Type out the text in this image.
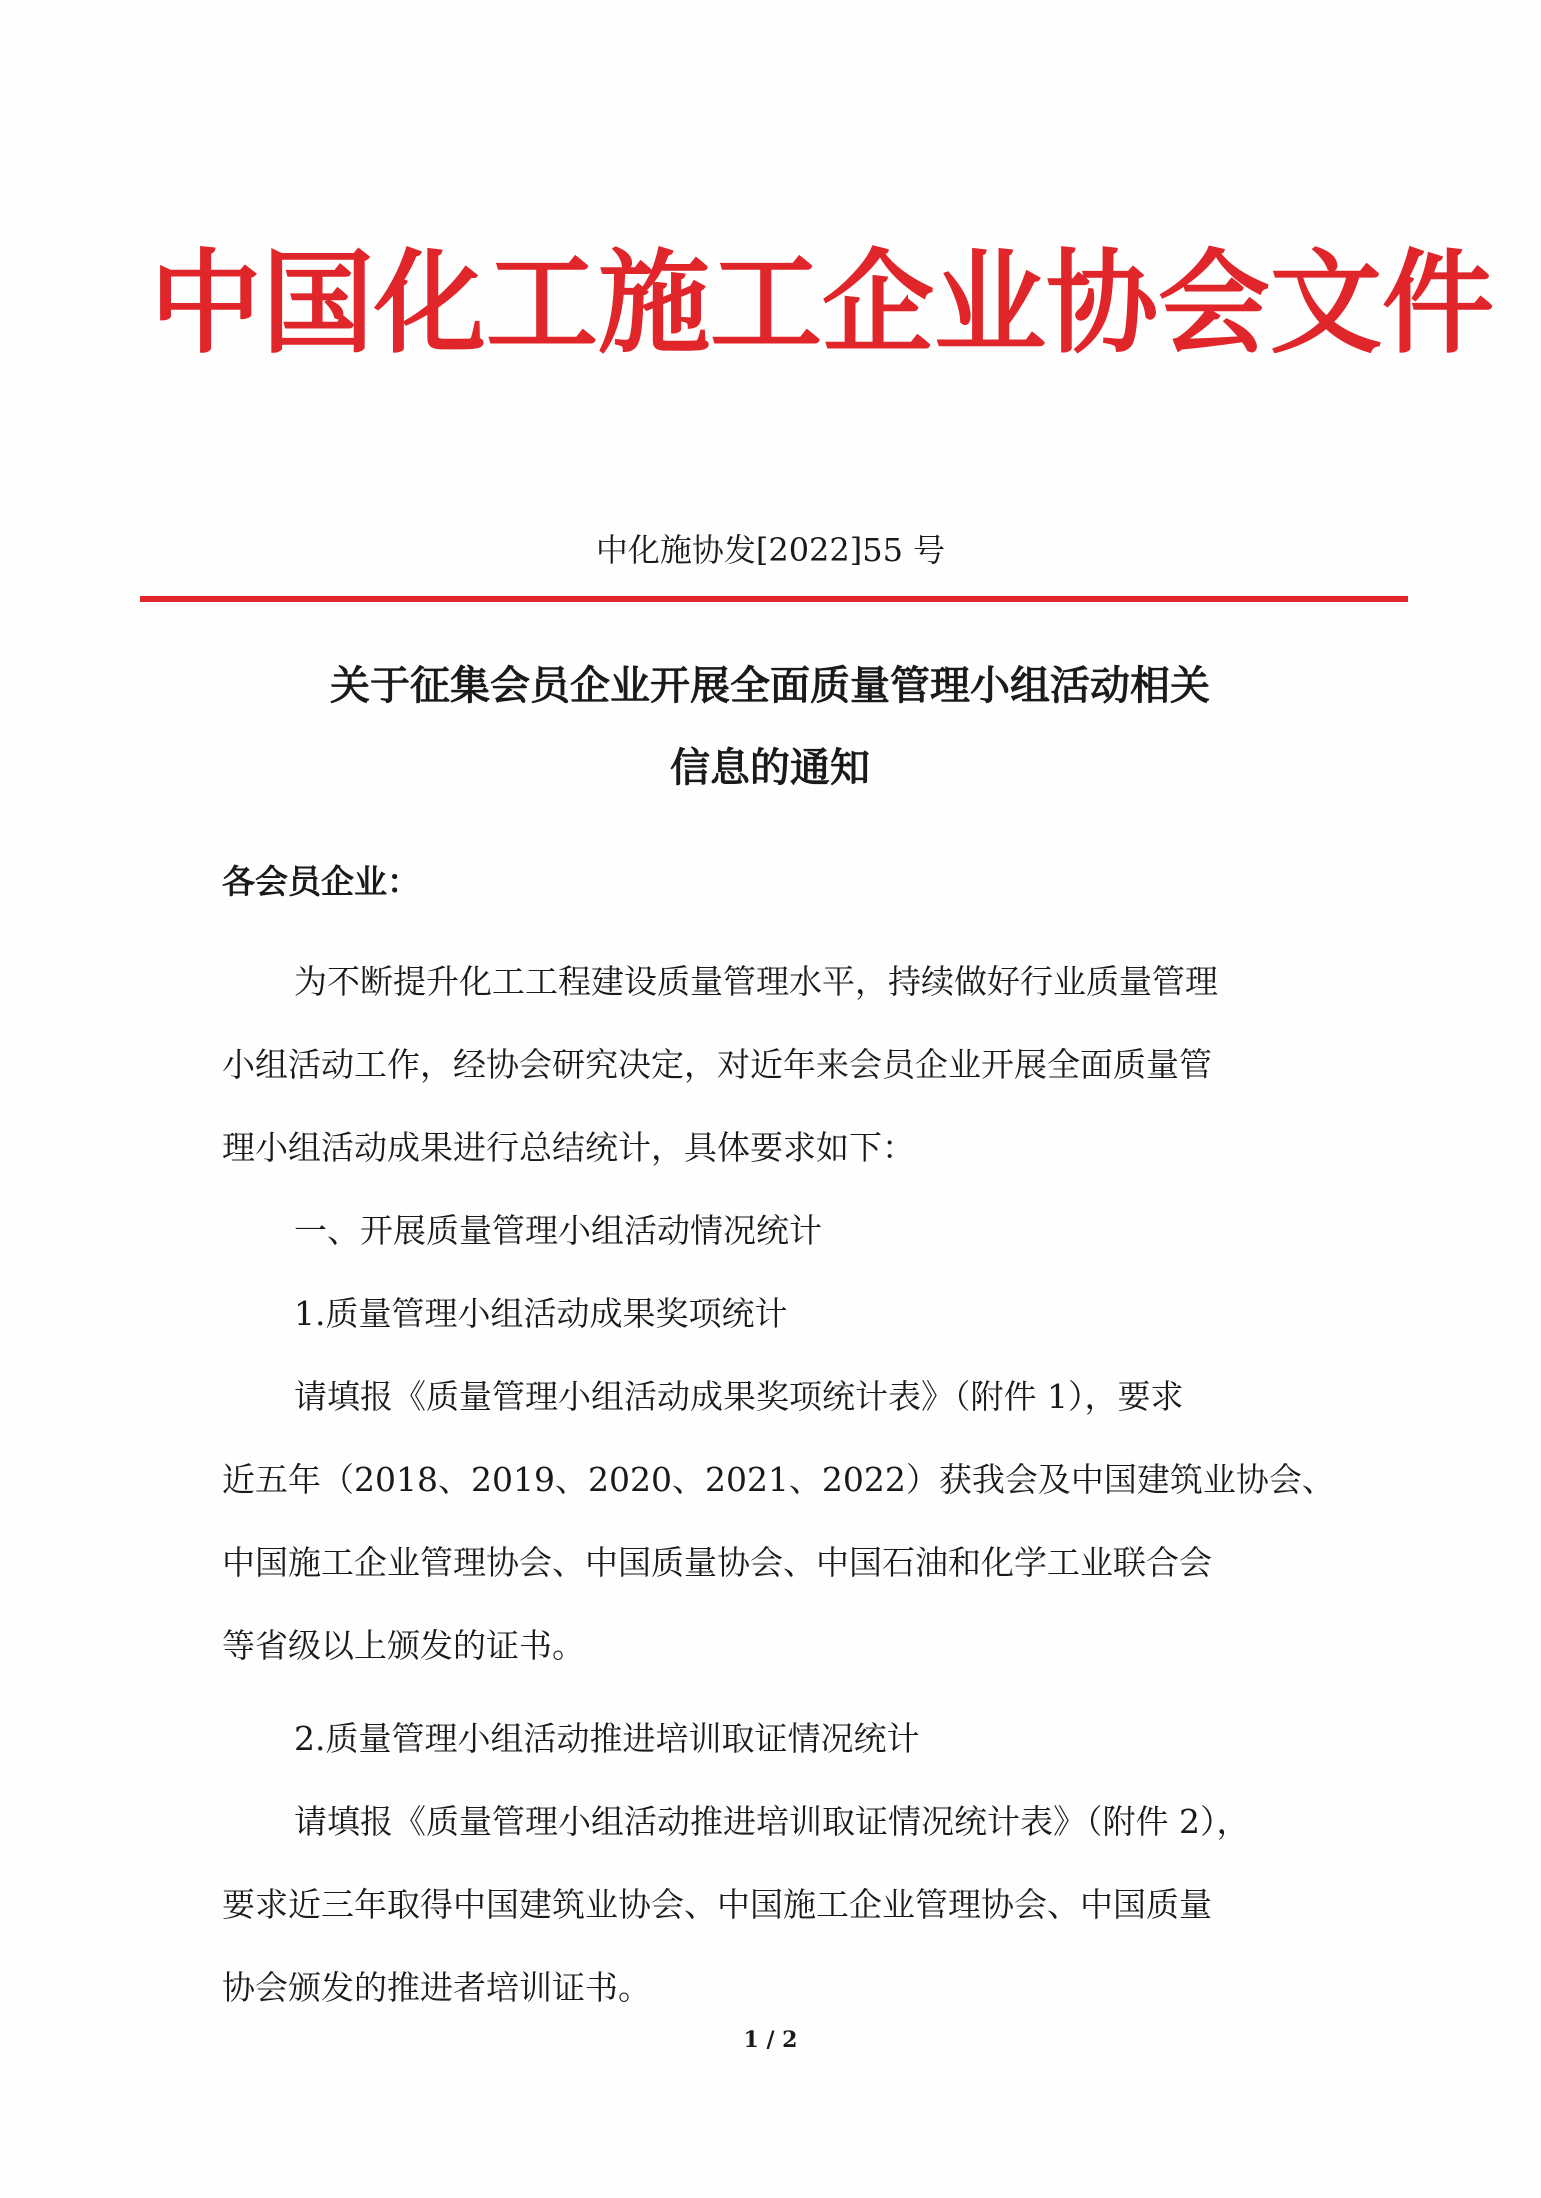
中国化工施工企业协会文件
中化施协发[2022]55 号
关于征集会员企业开展全面质量管理小组活动相关
信息的通知
各会员企业：
为不断提升化工工程建设质量管理水平，持续做好行业质量管理
小组活动工作，经协会研究决定，对近年来会员企业开展全面质量管
理小组活动成果进行总结统计，具体要求如下：
一、开展质量管理小组活动情况统计
1.质量管理小组活动成果奖项统计
请填报《质量管理小组活动成果奖项统计表》（附件 1），要求
近五年（2018、2019、2020、2021、2022）获我会及中国建筑业协会、
中国施工企业管理协会、中国质量协会、中国石油和化学工业联合会
等省级以上颁发的证书。
2.质量管理小组活动推进培训取证情况统计
请填报《质量管理小组活动推进培训取证情况统计表》（附件 2），
要求近三年取得中国建筑业协会、中国施工企业管理协会、中国质量
协会颁发的推进者培训证书。
1 / 2
